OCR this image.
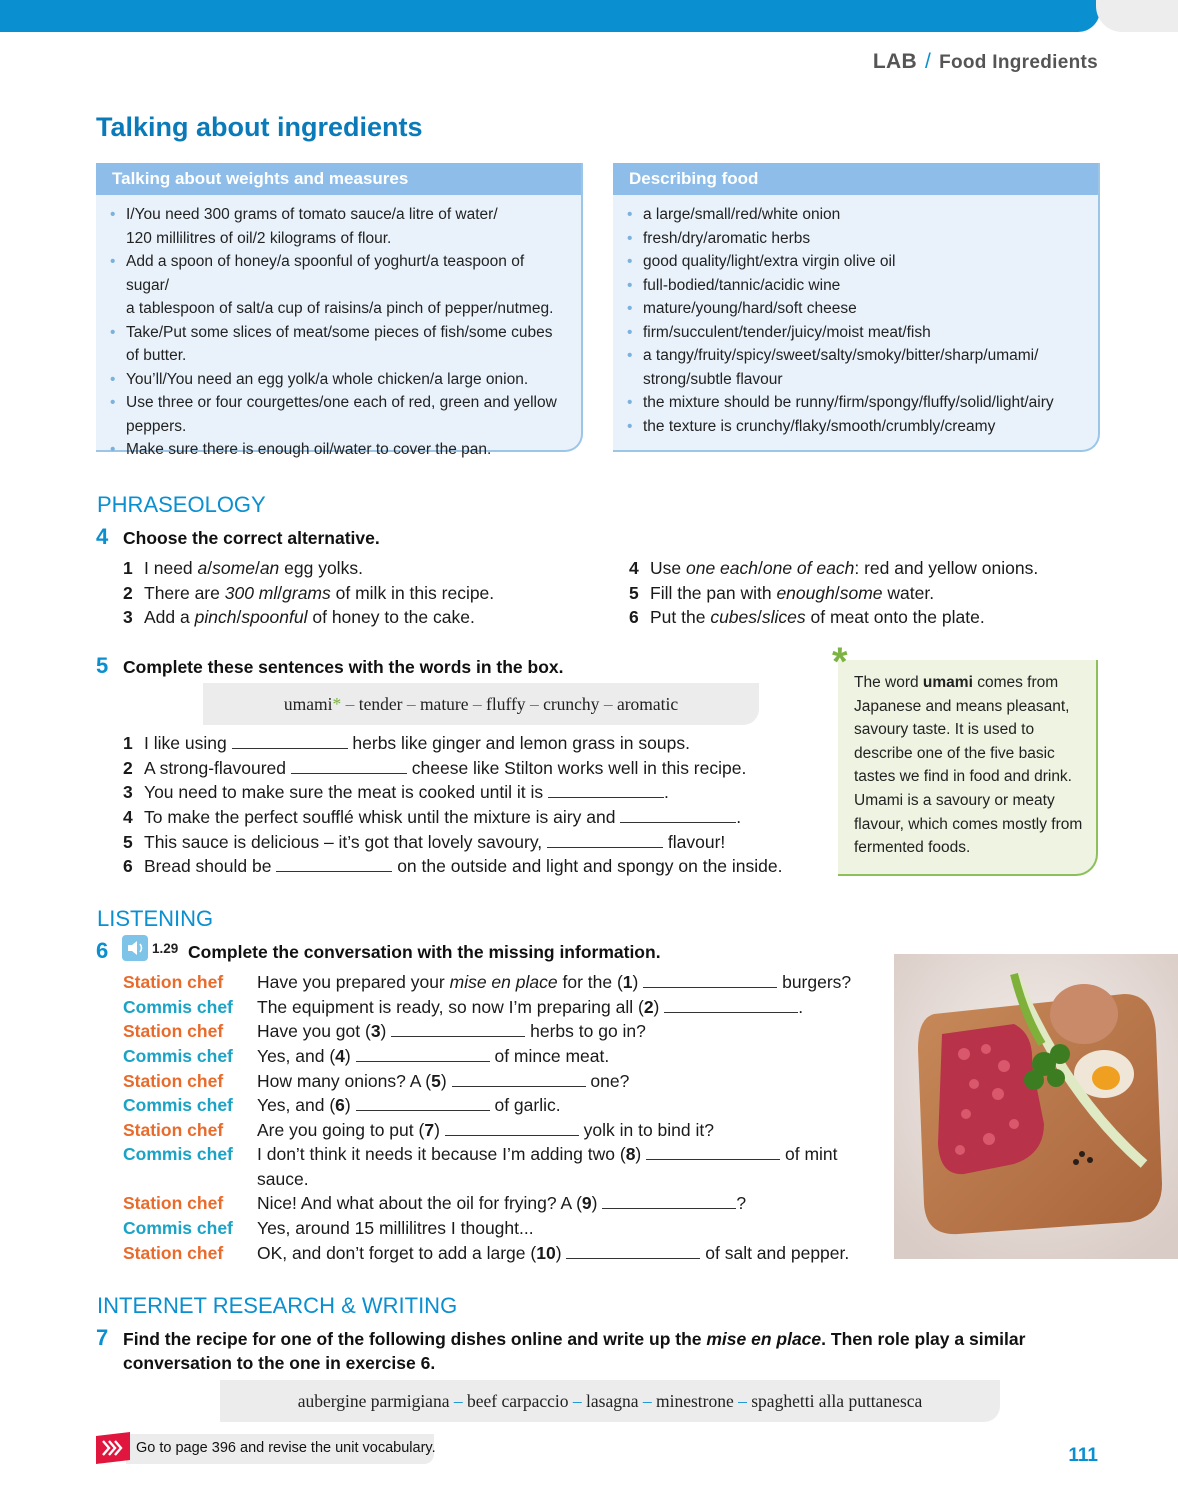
LAB / Food Ingredients
Talking about ingredients
Talking about weights and measures
• I/You need 300 grams of tomato sauce/a litre of water/
120 millilitres of oil/2 kilograms of flour.
• Add a spoon of honey/a spoonful of yoghurt/a teaspoon of sugar/
a tablespoon of salt/a cup of raisins/a pinch of pepper/nutmeg.
• Take/Put some slices of meat/some pieces of fish/some cubes
of butter.
• You’ll/You need an egg yolk/a whole chicken/a large onion.
• Use three or four courgettes/one each of red, green and yellow
peppers.
• Make sure there is enough oil/water to cover the pan.
Describing food
• a large/small/red/white onion
• fresh/dry/aromatic herbs
• good quality/light/extra virgin olive oil
• full-bodied/tannic/acidic wine
• mature/young/hard/soft cheese
• firm/succulent/tender/juicy/moist meat/fish
• a tangy/fruity/spicy/sweet/salty/smoky/bitter/sharp/umami/
strong/subtle flavour
• the mixture should be runny/firm/spongy/fluffy/solid/light/airy
• the texture is crunchy/flaky/smooth/crumbly/creamy
PHRASEOLOGY
4 Choose the correct alternative.
1 I need a/some/an egg yolks.
2 There are 300 ml/grams of milk in this recipe.
3 Add a pinch/spoonful of honey to the cake.
4 Use one each/one of each: red and yellow onions.
5 Fill the pan with enough/some water.
6 Put the cubes/slices of meat onto the plate.
5 Complete these sentences with the words in the box.
umami* – tender – mature – fluffy – crunchy – aromatic
1 I like using	herbs like ginger and lemon grass in soups.
2 A strong-flavoured	cheese like Stilton works well in this recipe.
3 You need to make sure the meat is cooked until it is	.
4 To make the perfect soufflé whisk until the mixture is airy and	.
5 This sauce is delicious – it’s got that lovely savoury,	flavour!
6 Bread should be	on the outside and light and spongy on the inside.
* The word umami comes from Japanese and means pleasant, savoury taste. It is used to describe one of the five basic tastes we find in food and drink. Umami is a savoury or meaty flavour, which comes mostly from fermented foods.
LISTENING
6	1.29 Complete the conversation with the missing information.
Station chef Have you prepared your mise en place for the (1)	burgers?
Commis chef The equipment is ready, so now I’m preparing all (2)	.
Station chef Have you got (3)	herbs to go in?
Commis chef Yes, and (4)	of mince meat.
Station chef How many onions? A (5)	one?
Commis chef Yes, and (6)	of garlic.
Station chef Are you going to put (7)	yolk in to bind it?
Commis chef I don’t think it needs it because I’m adding two (8)	of mint
sauce.
Station chef Nice! And what about the oil for frying? A (9)	?
Commis chef Yes, around 15 millilitres I thought...
Station chef OK, and don’t forget to add a large (10)	of salt and pepper.
INTERNET RESEARCH & WRITING
7 Find the recipe for one of the following dishes online and write up the mise en place. Then role play a similar
conversation to the one in exercise 6.
aubergine parmigiana – beef carpaccio – lasagna – minestrone – spaghetti alla puttanesca
Go to page 396 and revise the unit vocabulary.	111
